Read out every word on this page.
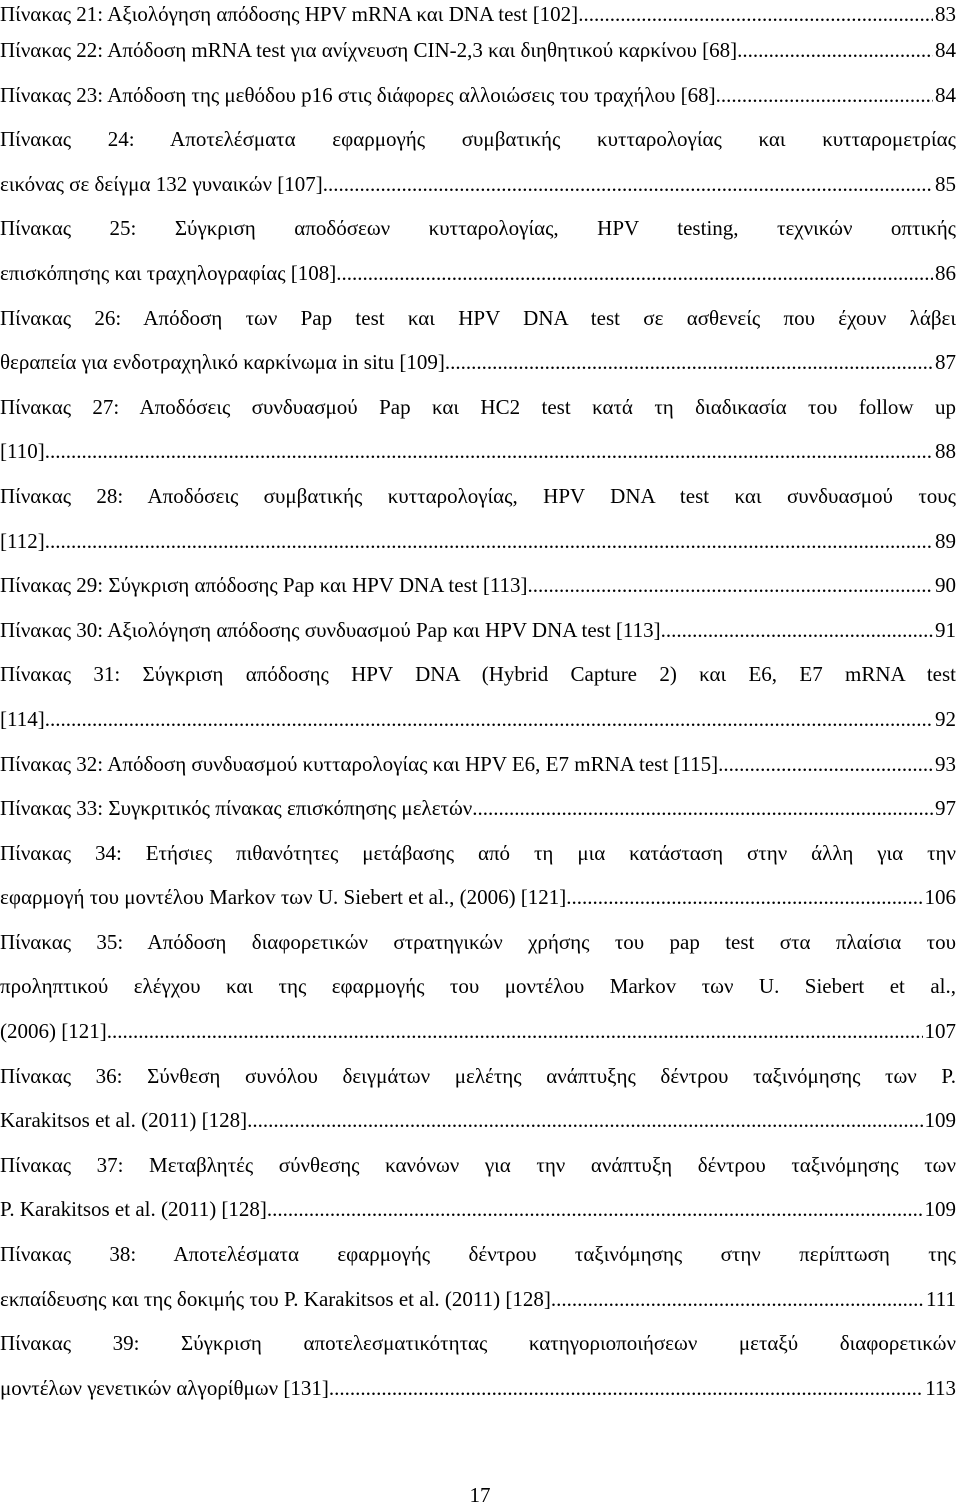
Πίνακας 21: Αξιολόγηση απόδοσης HPV mRNA και DNA test [102] .....	83
Πίνακας 22: Απόδοση mRNA test για ανίχνευση CIN-2,3 και διηθητικού καρκίνου [68] .....	84
Πίνακας 23: Απόδοση της μεθόδου p16 στις διάφορες αλλοιώσεις του τραχήλου [68] .....	84
Πίνακας 24: Αποτελέσματα εφαρμογής συμβατικής κυτταρολογίας και κυτταρομετρίας
εικόνας σε δείγμα 132 γυναικών [107] .....	85
Πίνακας 25: Σύγκριση αποδόσεων κυτταρολογίας, HPV testing, τεχνικών οπτικής
επισκόπησης και τραχηλογραφίας [108] .....	86
Πίνακας 26: Απόδοση των Pap test και HPV DNA test σε ασθενείς που έχουν λάβει
θεραπεία για ενδοτραχηλικό καρκίνωμα in situ [109] .....	87
Πίνακας 27: Αποδόσεις συνδυασμού Pap και HC2 test κατά τη διαδικασία του follow up
[110] .....	88
Πίνακας 28: Αποδόσεις συμβατικής κυτταρολογίας, HPV DNA test και συνδυασμού τους
[112] .....	89
Πίνακας 29: Σύγκριση απόδοσης Pap και HPV DNA test [113] .....	90
Πίνακας 30: Αξιολόγηση απόδοσης συνδυασμού Pap και HPV DNA test [113] .....	91
Πίνακας 31: Σύγκριση απόδοσης HPV DNA (Hybrid Capture 2) και E6, E7 mRNA test
[114] .....	92
Πίνακας 32: Απόδοση συνδυασμού κυτταρολογίας και HPV E6, E7 mRNA test [115] .....	93
Πίνακας 33: Συγκριτικός πίνακας επισκόπησης μελετών .....	97
Πίνακας 34: Ετήσιες πιθανότητες μετάβασης από τη μια κατάσταση στην άλλη για την
εφαρμογή του μοντέλου Markov των U. Siebert et al., (2006) [121] .....	106
Πίνακας 35: Απόδοση διαφορετικών στρατηγικών χρήσης του pap test στα πλαίσια του
προληπτικού ελέγχου και της εφαρμογής του μοντέλου Markov των U. Siebert et al.,
(2006) [121] .....	107
Πίνακας 36: Σύνθεση συνόλου δειγμάτων μελέτης ανάπτυξης δέντρου ταξινόμησης των P.
Karakitsos et al. (2011) [128] .....	109
Πίνακας 37: Μεταβλητές σύνθεσης κανόνων για την ανάπτυξη δέντρου ταξινόμησης των
P. Karakitsos et al. (2011) [128] .....	109
Πίνακας 38: Αποτελέσματα εφαρμογής δέντρου ταξινόμησης στην περίπτωση της
εκπαίδευσης και της δοκιμής του P. Karakitsos et al. (2011) [128] .....	111
Πίνακας 39: Σύγκριση αποτελεσματικότητας κατηγοριοποιήσεων μεταξύ διαφορετικών
μοντέλων γενετικών αλγορίθμων [131] .....	113
17
